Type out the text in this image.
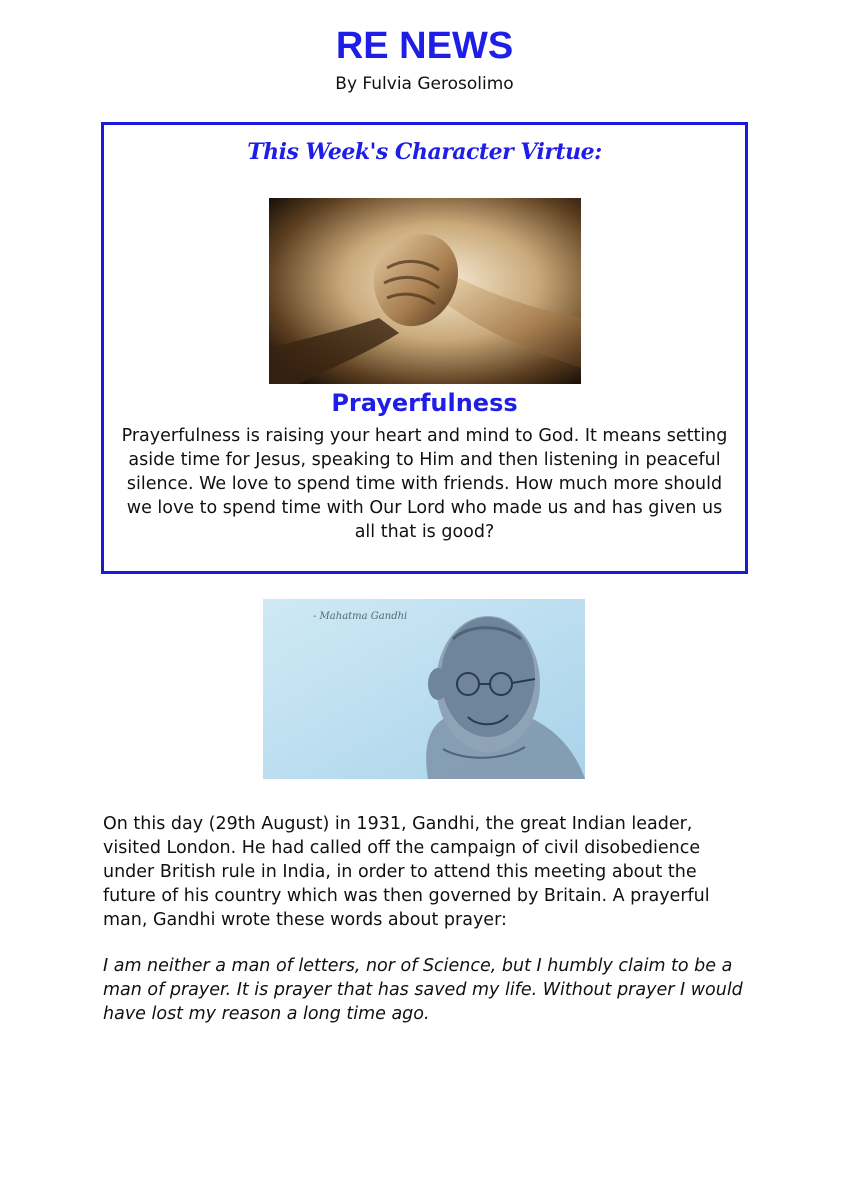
RE NEWS
By Fulvia Gerosolimo
This Week's Character Virtue:
Prayerfulness
Prayerfulness is raising your heart and mind to God. It means setting aside time for Jesus, speaking to Him and then listening in peaceful silence. We love to spend time with friends. How much more should we love to spend time with Our Lord who made us and has given us all that is good?
- Mahatma Gandhi

On this day (29th August) in 1931, Gandhi, the great Indian leader, visited London. He had called off the campaign of civil disobedience under British rule in India, in order to attend this meeting about the future of his country which was then governed by Britain. A prayerful man, Gandhi wrote these words about prayer:

I am neither a man of letters, nor of Science, but I humbly claim to be a man of prayer. It is prayer that has saved my life. Without prayer I would have lost my reason a long time ago.
